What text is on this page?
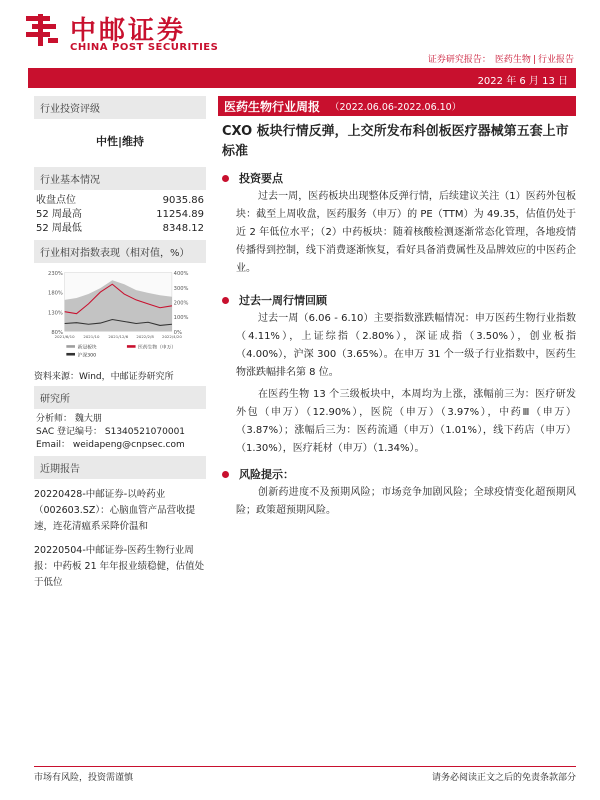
中邮证券
CHINA POST SECURITIES
证券研究报告： 医药生物 | 行业报告
2022 年 6 月 13 日
行业投资评级
中性|维持
行业基本情况
收盘点位	9035.86
52 周最高	11254.89
52 周最低	8348.12
行业相对指数表现（相对值，%）
230%
180%
130%
80%
400%
300%
200%
100%
0%
2021/6/10 2021/10 2021/12/6 2022/2/8 2022/4/20
新冠板块	医药生物（申万）
沪深300
资料来源：Wind，中邮证券研究所
研究所
分析师： 魏大朋
SAC 登记编号： S1340521070001
Email： weidapeng@cnpsec.com
近期报告

20220428-中邮证券-以岭药业（002603.SZ）：心脑血管产品营收提速，连花清瘟系采降价温和

20220504-中邮证券-医药生物行业周报：中药板 21 年年报业绩稳健，估值处于低位

医药生物行业周报 （2022.06.06-2022.06.10）
CXO 板块行情反弹，上交所发布科创板医疗器械第五套上市标准
投资要点

过去一周，医药板块出现整体反弹行情，后续建议关注（1）医药外包板块：截至上周收盘，医药服务（申万）的 PE（TTM）为 49.35，估值仍处于近 2 年低位水平；（2）中药板块：随着核酸检测逐渐常态化管理，各地疫情传播得到控制，线下消费逐渐恢复，看好具备消费属性及品牌效应的中医药企业。

过去一周行情回顾

过去一周（6.06 - 6.10）主要指数涨跌幅情况：申万医药生物行业指数（4.11%），上证综指（2.80%），深证成指（3.50%），创业板指（4.00%），沪深 300（3.65%）。在申万 31 个一级子行业指数中，医药生物涨跌幅排名第 8 位。

在医药生物 13 个三级板块中，本周均为上涨，涨幅前三为：医疗研发外包（申万）（12.90%），医院（申万）（3.97%），中药Ⅲ（申万）（3.87%）；涨幅后三为：医药流通（申万）（1.01%），线下药店（申万）（1.30%），医疗耗材（申万）（1.34%）。

风险提示：

创新药进度不及预期风险；市场竞争加剧风险；全球疫情变化超预期风险；政策超预期风险。

市场有风险，投资需谨慎	请务必阅读正文之后的免责条款部分
